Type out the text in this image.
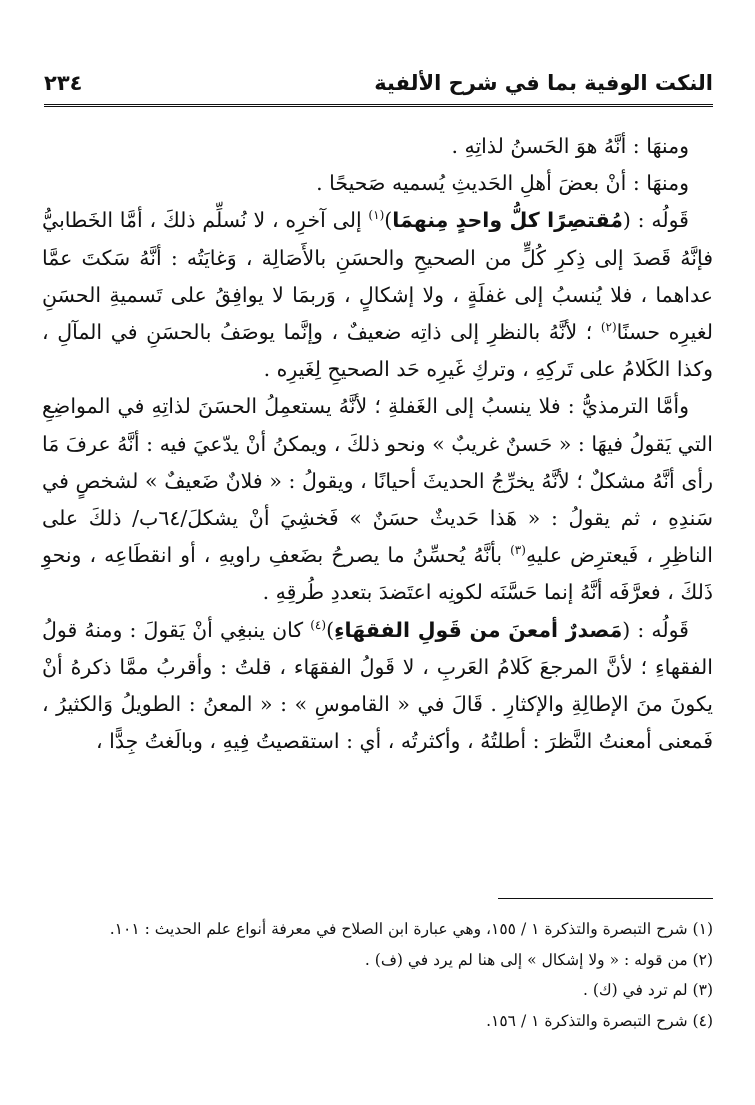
النكت الوفية بما في شرح الألفية
٢٣٤

ومنهَا : أنَّهُ هوَ الحَسنُ لذاتِهِ .

ومنهَا : أنْ بعضَ أهلِ الحَديثِ يُسميه صَحيحًا .

قَولُه : (مُقتصِرًا كلُّ واحدٍ مِنهمَا)$^{(١)}$ إلى آخرِه ، لا نُسلِّم ذلكَ ، أمَّا الخَطابيُّ فإنَّهُ قَصدَ إلى ذِكرِ كُلٍّ من الصحيحِ والحسَنِ بالأَصَالِة ، وَغايَتُه : أنَّهُ سَكتَ عمَّا عداهما ، فلا يُنسبُ إلى غفلَةٍ ، ولا إشكالٍ ، وَربمَا لا يوافِقُ على تَسميةِ الحسَنِ لغيرِه حسنًا$^{(٢)}$ ؛ لأنَّهُ بالنظرِ إلى ذاتِه ضعيفٌ ، وإنَّما يوصَفُ بالحسَنِ في المآلِ ، وكذا الكَلامُ على تَركِهِ ، وتركِ غَيرِه حَد الصحيحِ لِغَيرِه .

وأمَّا الترمذيُّ : فلا ينسبُ إلى الغَفلةِ ؛ لأنَّهُ يستعمِلُ الحسَنَ لذاتِهِ في المواضِعِ التي يَقولُ فيهَا : « حَسنٌ غريبٌ » ونحو ذلكَ ، ويمكنُ أنْ يدّعيَ فيه : أنَّهُ عرفَ مَا رأى أنَّهُ مشكلٌ ؛ لأنَّهُ يخرِّجُ الحديثَ أحيانًا ، ويقولُ : « فلانٌ ضَعيفٌ » لشخصٍ في سَندِهِ ، ثم يقولُ : « هَذا حَديثٌ حسَنٌ » فَخشِيَ أنْ يشكلَ/٦٤ب/ ذلكَ على الناظِرِ ، فَيعترِض عليهِ$^{(٣)}$ بأنَّهُ يُحسِّنُ ما يصرحُ بضَعفِ راويهِ ، أو انقطَاعِه ، ونحوِ ذَلكَ ، فعرَّفَه أنَّهُ إنما حَسَّنَه لكونِه اعتَضدَ بتعددِ طُرقِهِ .

قَولُه : (مَصدرٌ أمعنَ من قَولِ الفقهَاءِ)$^{(٤)}$ كان ينبغِي أنْ يَقولَ : ومنهُ قولُ الفقهاءِ ؛ لأنَّ المرجعَ كَلامُ العَربِ ، لا قَولُ الفقهَاء ، قلتُ : وأقربُ ممَّا ذكرهُ أنْ يكونَ منَ الإطالِةِ والإكثارِ . قَالَ في « القاموسِ » : « المعنُ : الطويلُ وَالكثيرُ ، فَمعنى أمعنتُ النَّظرَ : أطلتُهُ ، وأكثرتُه ، أي : استقصيتُ فِيهِ ، وبالَغتُ جِدًّا ،

(١) شرح التبصرة والتذكرة ١ / ١٥٥، وهي عبارة ابن الصلاح في معرفة أنواع علم الحديث : ١٠١.
(٢) من قوله : « ولا إشكال » إلى هنا لم يرد في (ف) .
(٣) لم ترد في (ك) .
(٤) شرح التبصرة والتذكرة ١ / ١٥٦.
